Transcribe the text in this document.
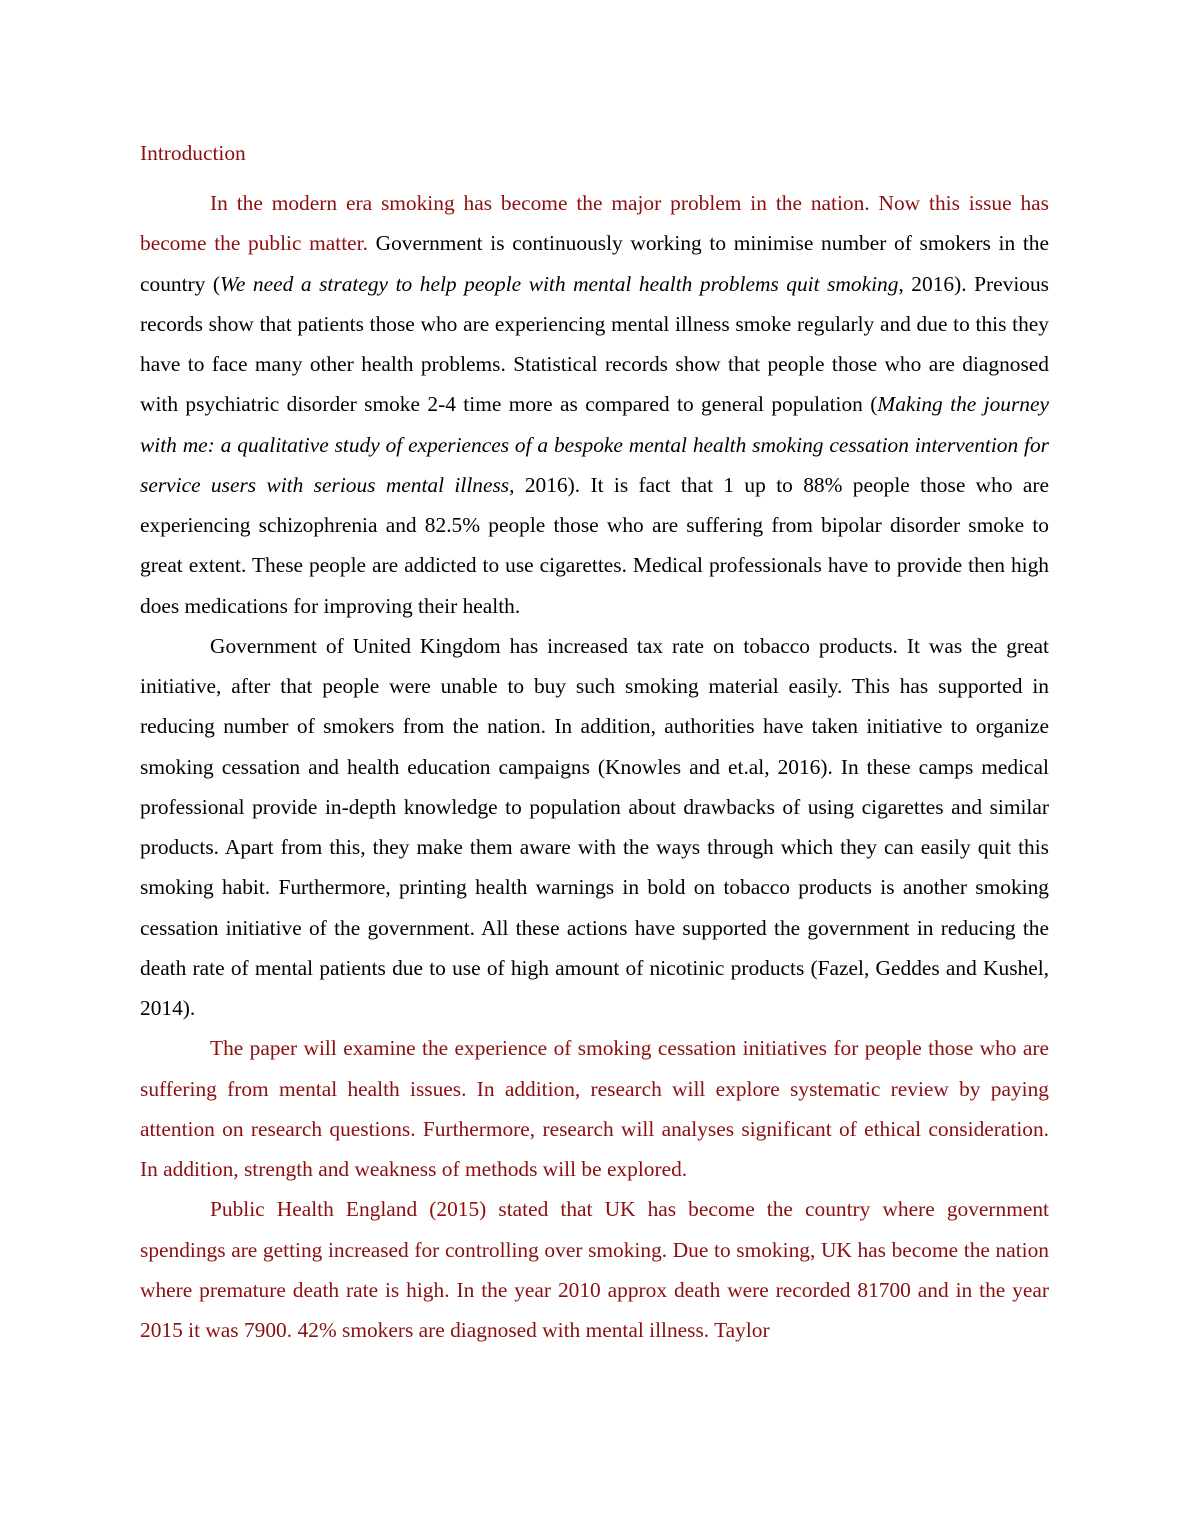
Introduction

In the modern era smoking has become the major problem in the nation. Now this issue has become the public matter. Government is continuously working to minimise number of smokers in the country (We need a strategy to help people with mental health problems quit smoking, 2016). Previous records show that patients those who are experiencing mental illness smoke regularly and due to this they have to face many other health problems. Statistical records show that people those who are diagnosed with psychiatric disorder smoke 2-4 time more as compared to general population (Making the journey with me: a qualitative study of experiences of a bespoke mental health smoking cessation intervention for service users with serious mental illness, 2016). It is fact that 1 up to 88% people those who are experiencing schizophrenia and 82.5% people those who are suffering from bipolar disorder smoke to great extent. These people are addicted to use cigarettes. Medical professionals have to provide then high does medications for improving their health.

Government of United Kingdom has increased tax rate on tobacco products. It was the great initiative, after that people were unable to buy such smoking material easily. This has supported in reducing number of smokers from the nation. In addition, authorities have taken initiative to organize smoking cessation and health education campaigns (Knowles and et.al, 2016). In these camps medical professional provide in-depth knowledge to population about drawbacks of using cigarettes and similar products. Apart from this, they make them aware with the ways through which they can easily quit this smoking habit. Furthermore, printing health warnings in bold on tobacco products is another smoking cessation initiative of the government. All these actions have supported the government in reducing the death rate of mental patients due to use of high amount of nicotinic products (Fazel, Geddes and Kushel, 2014).

The paper will examine the experience of smoking cessation initiatives for people those who are suffering from mental health issues. In addition, research will explore systematic review by paying attention on research questions. Furthermore, research will analyses significant of ethical consideration. In addition, strength and weakness of methods will be explored.

Public Health England (2015) stated that UK has become the country where government spendings are getting increased for controlling over smoking. Due to smoking, UK has become the nation where premature death rate is high. In the year 2010 approx death were recorded 81700 and in the year 2015 it was 7900. 42% smokers are diagnosed with mental illness. Taylor
